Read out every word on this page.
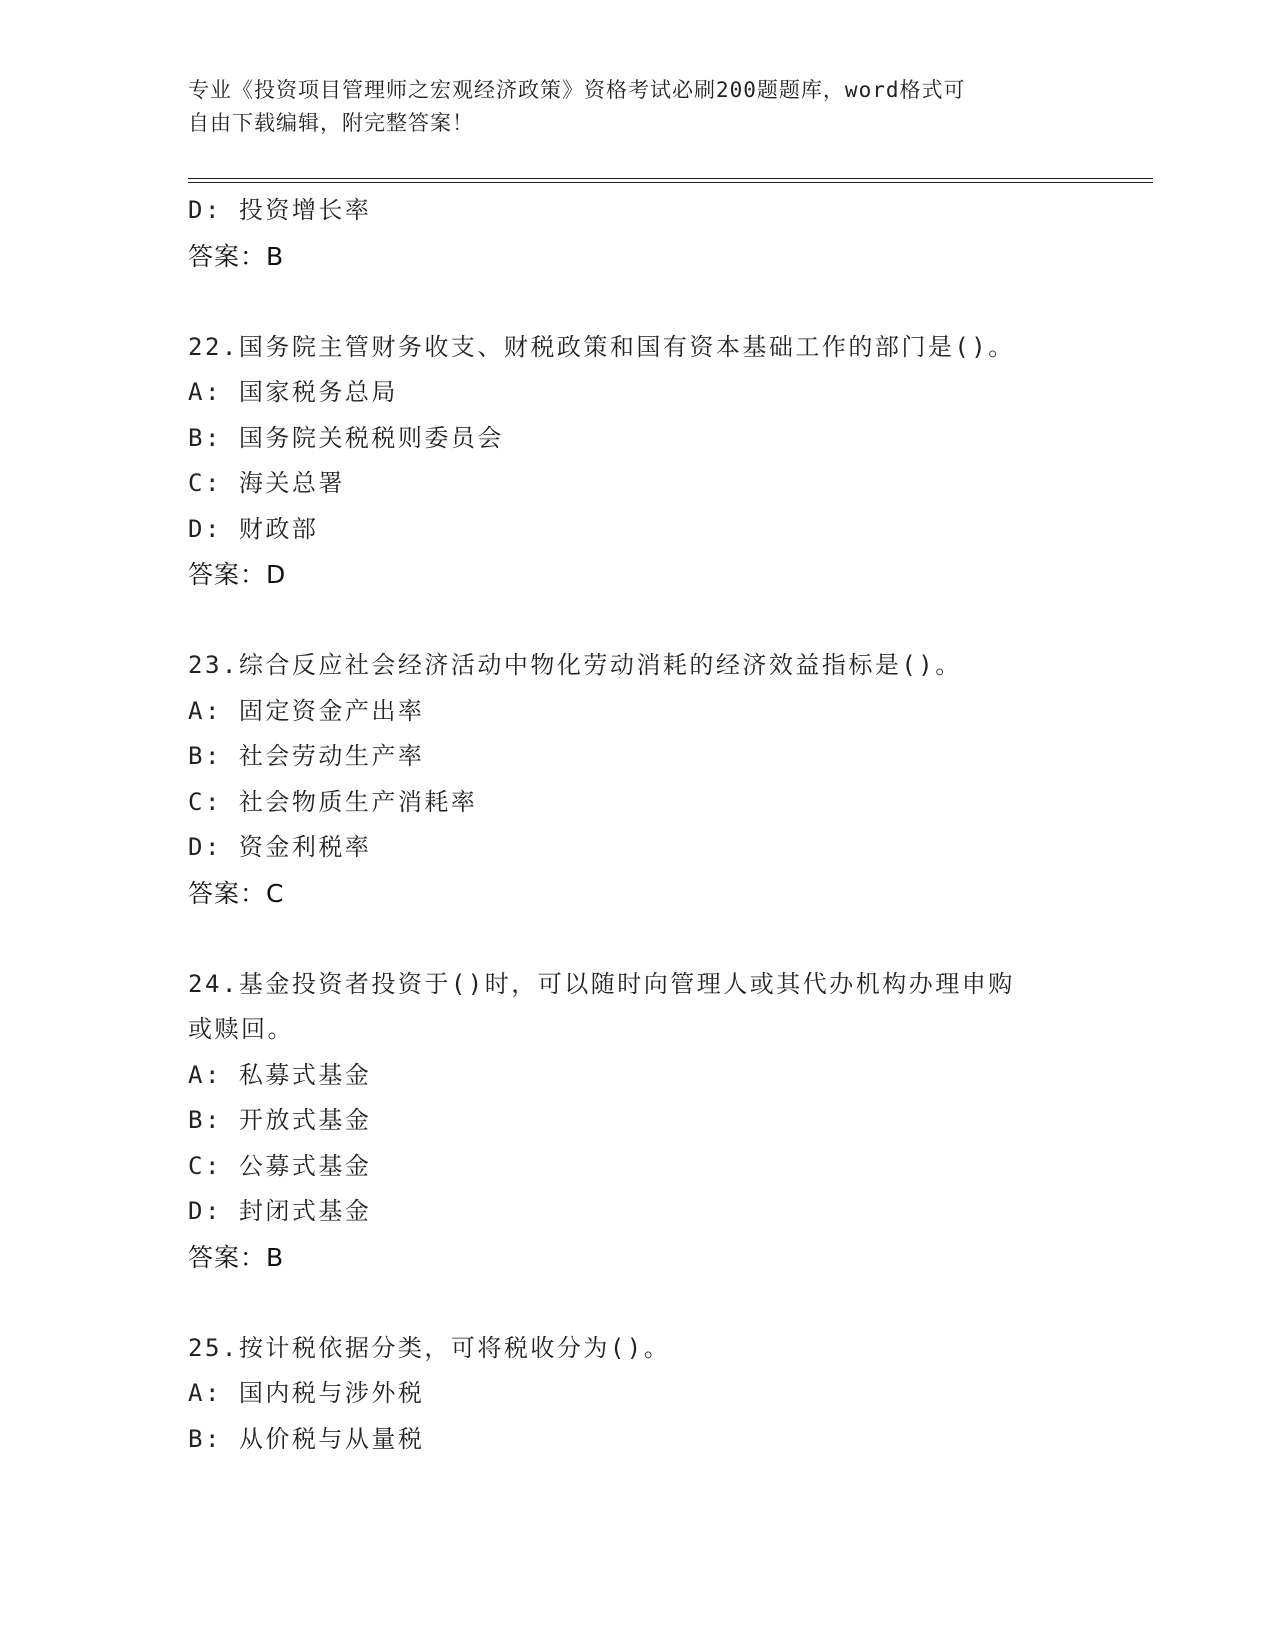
专业《投资项目管理师之宏观经济政策》资格考试必刷200题题库，word格式可
自由下载编辑，附完整答案！
D: 投资增长率
答案：B
22.国务院主管财务收支、财税政策和国有资本基础工作的部门是()。
A: 国家税务总局
B: 国务院关税税则委员会
C: 海关总署
D: 财政部
答案：D
23.综合反应社会经济活动中物化劳动消耗的经济效益指标是()。
A: 固定资金产出率
B: 社会劳动生产率
C: 社会物质生产消耗率
D: 资金利税率
答案：C
24.基金投资者投资于()时，可以随时向管理人或其代办机构办理申购
或赎回。
A: 私募式基金
B: 开放式基金
C: 公募式基金
D: 封闭式基金
答案：B
25.按计税依据分类，可将税收分为()。
A: 国内税与涉外税
B: 从价税与从量税
